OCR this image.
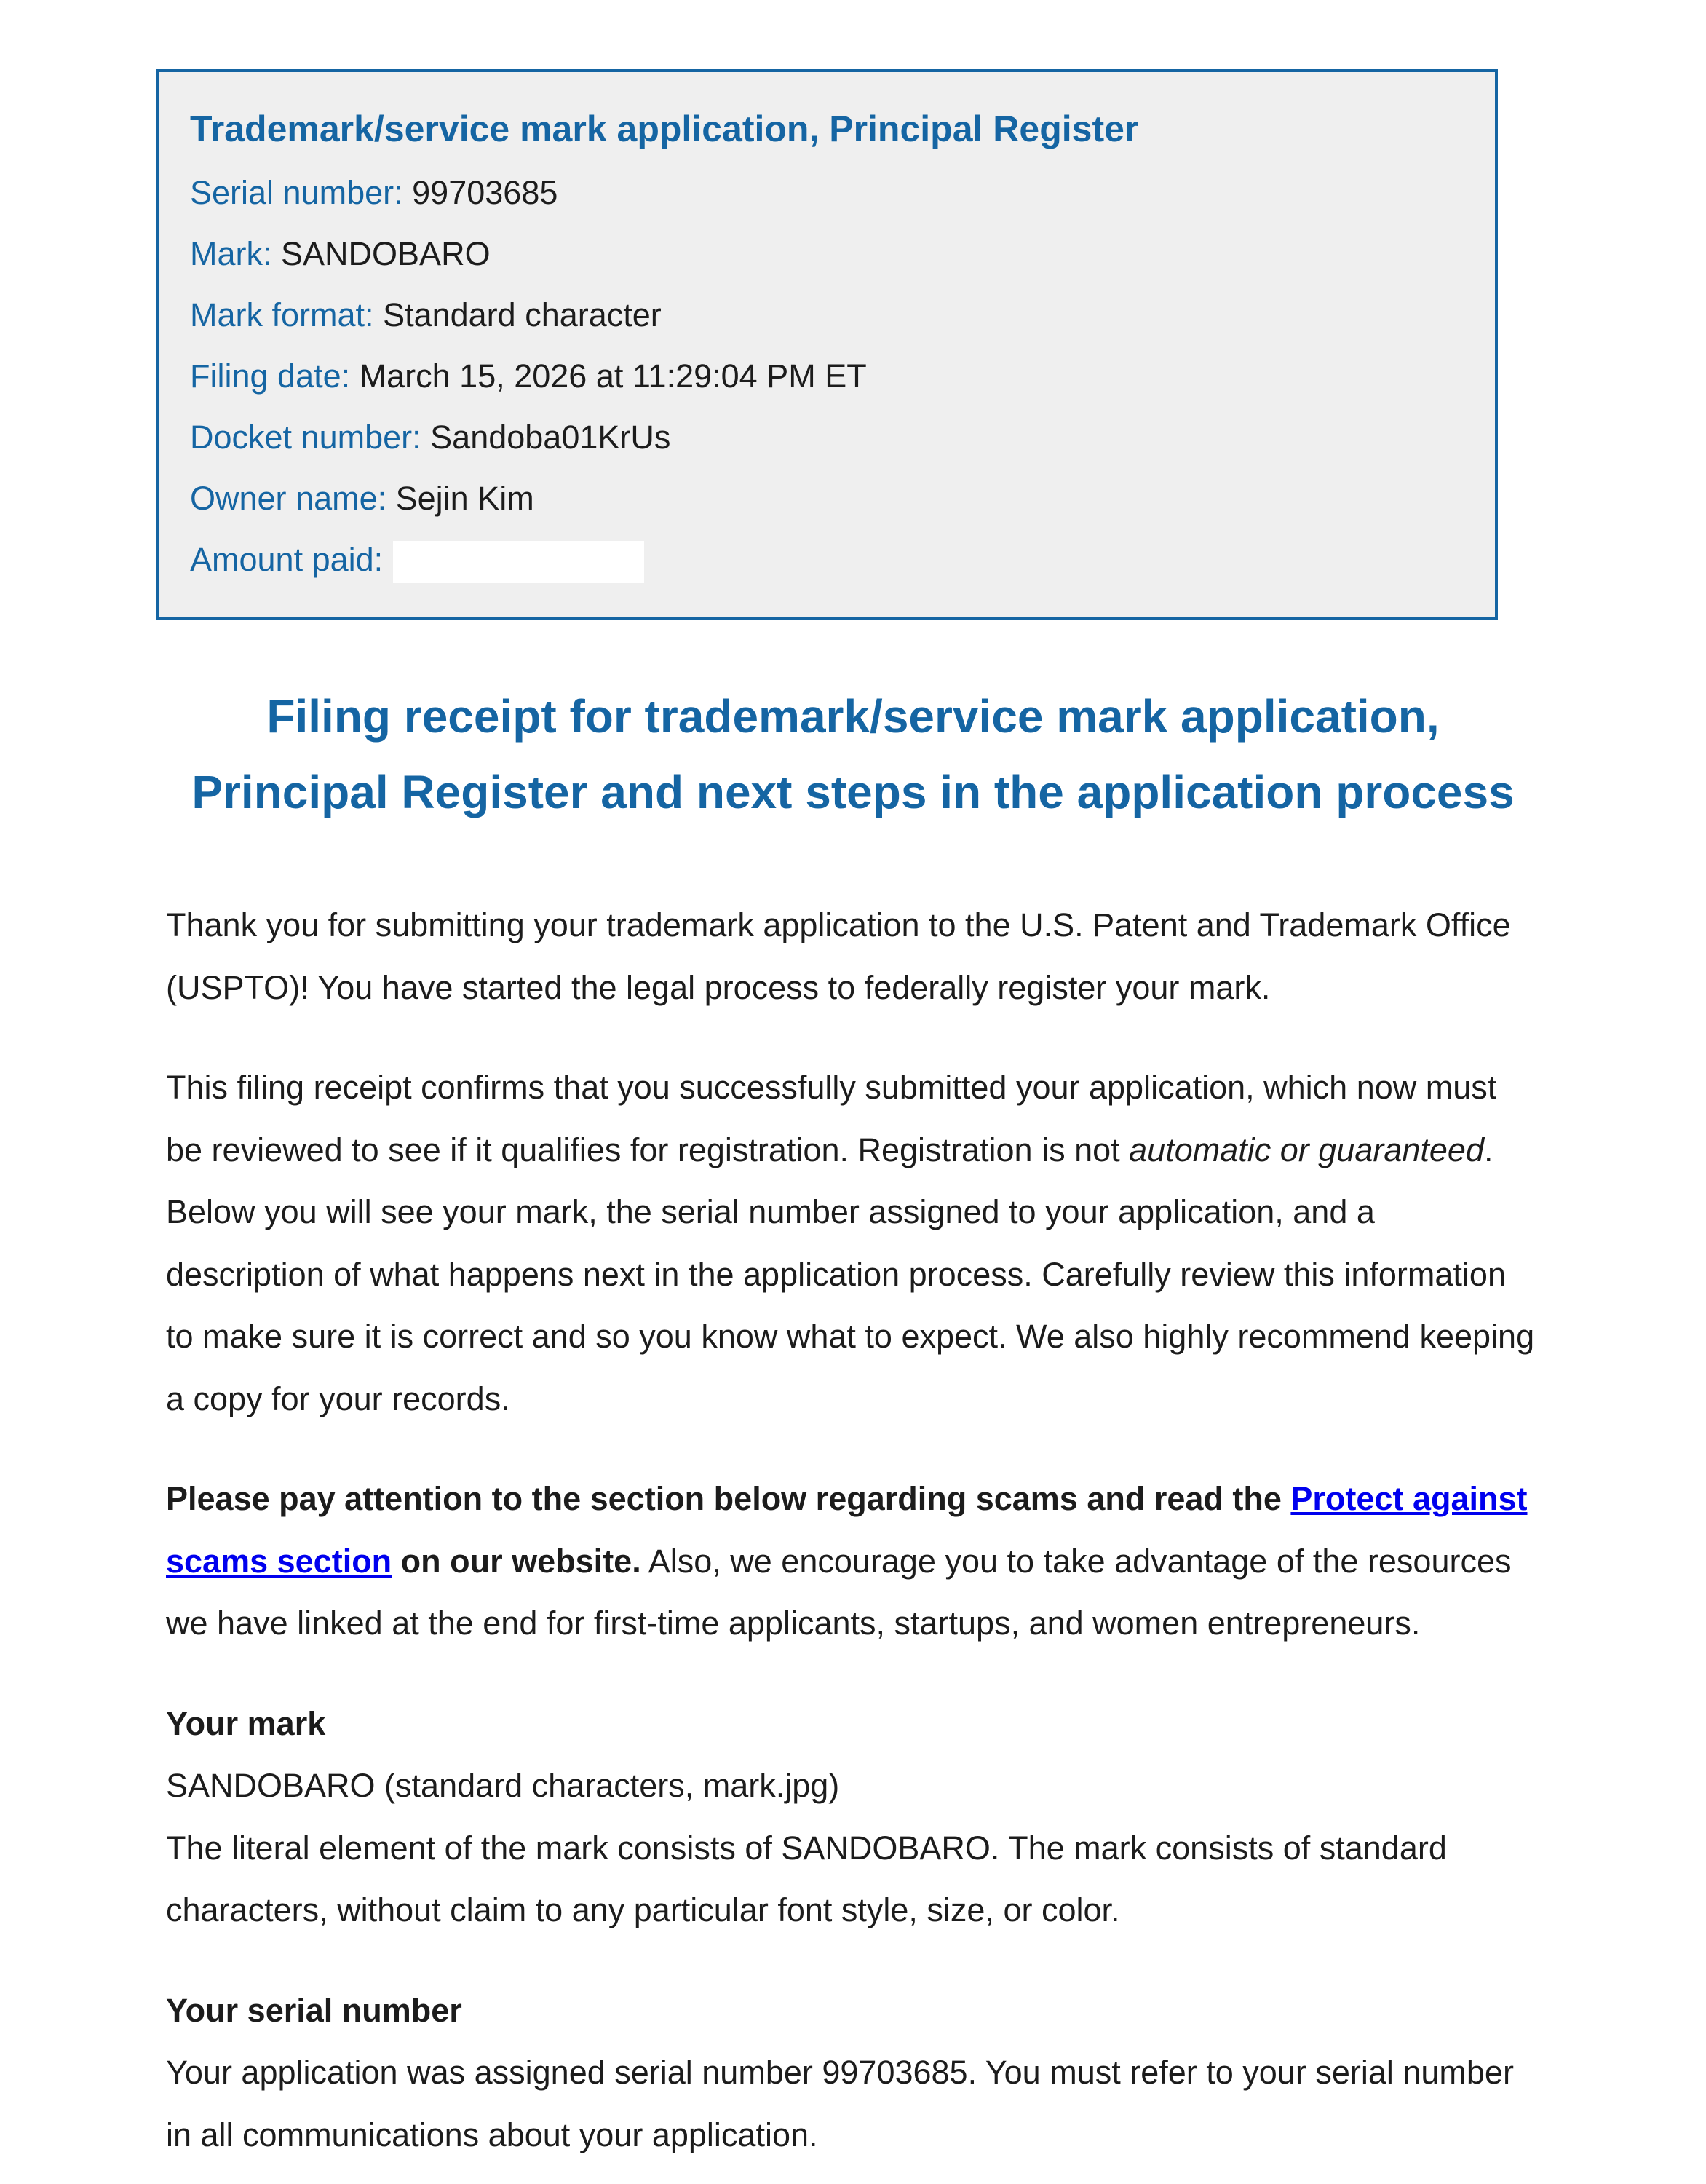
Trademark/service mark application, Principal Register
Serial number: 99703685
Mark: SANDOBARO
Mark format: Standard character
Filing date: March 15, 2026 at 11:29:04 PM ET
Docket number: Sandoba01KrUs
Owner name: Sejin Kim
Amount paid:
Filing receipt for trademark/service mark application,
Principal Register and next steps in the application process

Thank you for submitting your trademark application to the U.S. Patent and Trademark Office (USPTO)! You have started the legal process to federally register your mark.

This filing receipt confirms that you successfully submitted your application, which now must be reviewed to see if it qualifies for registration. Registration is not automatic or guaranteed. Below you will see your mark, the serial number assigned to your application, and a description of what happens next in the application process. Carefully review this information to make sure it is correct and so you know what to expect. We also highly recommend keeping a copy for your records.

Please pay attention to the section below regarding scams and read the Protect against scams section on our website. Also, we encourage you to take advantage of the resources we have linked at the end for first-time applicants, startups, and women entrepreneurs.

Your mark
SANDOBARO (standard characters, mark.jpg)
The literal element of the mark consists of SANDOBARO. The mark consists of standard characters, without claim to any particular font style, size, or color.
Your serial number
Your application was assigned serial number 99703685. You must refer to your serial number in all communications about your application.
